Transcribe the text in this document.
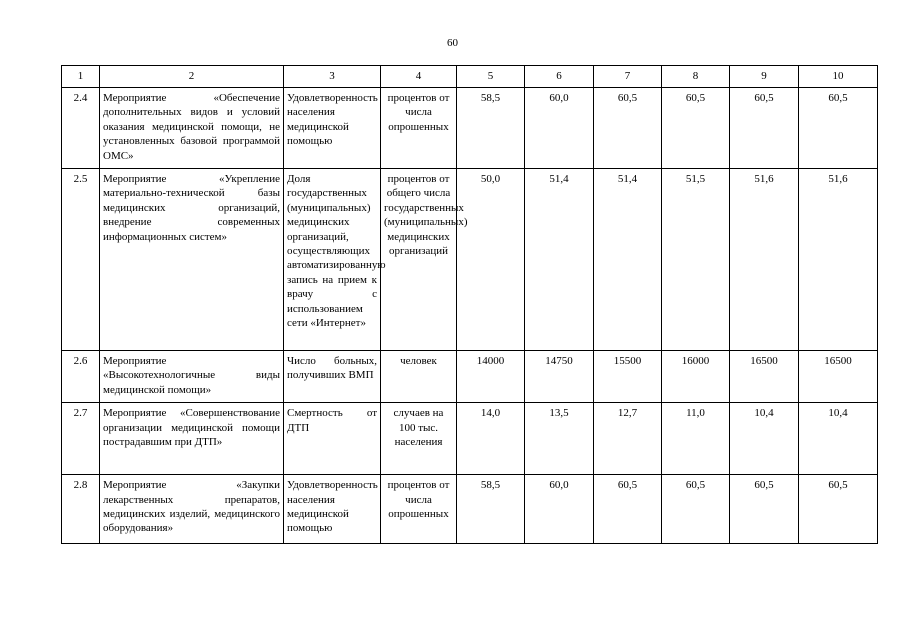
60
1	2	3	4	5	6	7	8	9	10
2.4	Мероприятие «Обеспечение дополнительных видов и условий оказания медицинской помощи, не установленных базовой программой ОМС»	Удовлетворенность населения медицинской помощью	процентов от числа опрошенных	58,5	60,0	60,5	60,5	60,5	60,5
2.5	Мероприятие «Укрепление материально-технической базы медицинских организаций, внедрение современных информационных систем»	Доля государственных (муниципальных) медицинских организаций, осуществляющих автоматизированную запись на прием к врачу с использованием сети «Интернет»	процентов от общего числа государственных (муниципальных) медицинских организаций	50,0	51,4	51,4	51,5	51,6	51,6
2.6	Мероприятие «Высокотехнологичные виды медицинской помощи»	Число больных, получивших ВМП	человек	14000	14750	15500	16000	16500	16500
2.7	Мероприятие «Совершенствование организации медицинской помощи пострадавшим при ДТП»	Смертность от ДТП	случаев на 100 тыс. населения	14,0	13,5	12,7	11,0	10,4	10,4
2.8	Мероприятие «Закупки лекарственных препаратов, медицинских изделий, медицинского оборудования»	Удовлетворенность населения медицинской помощью	процентов от числа опрошенных	58,5	60,0	60,5	60,5	60,5	60,5
